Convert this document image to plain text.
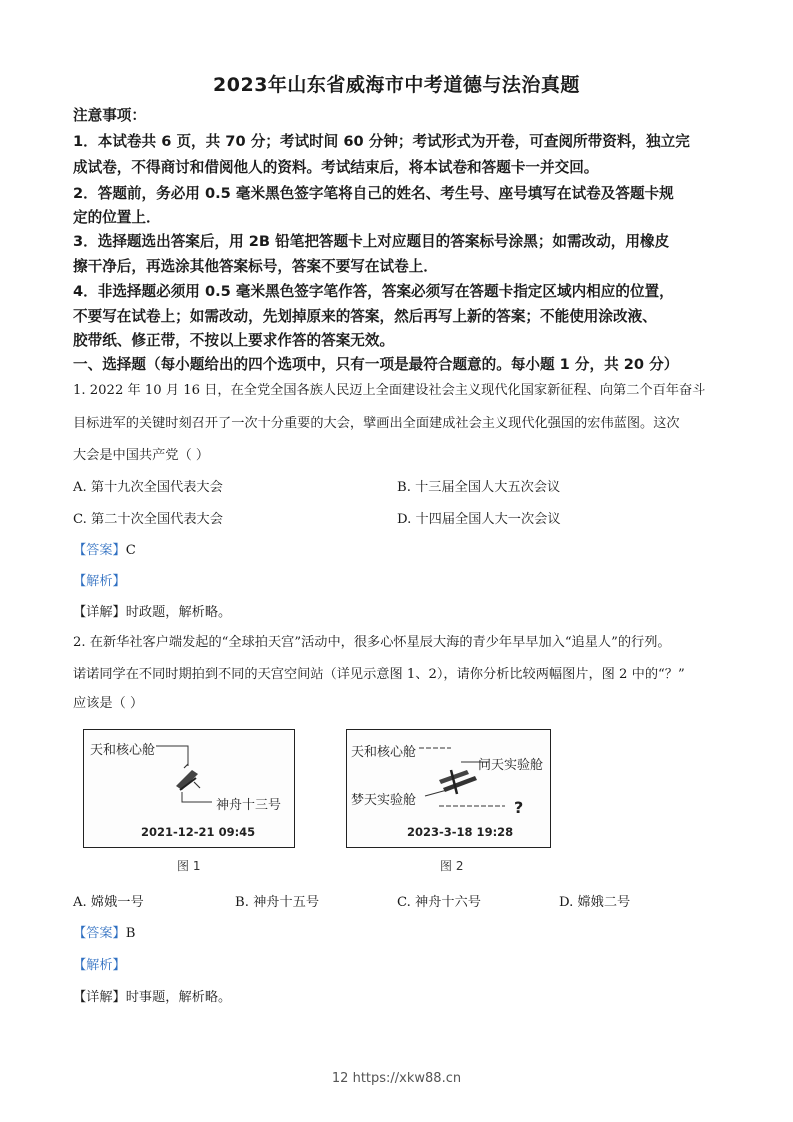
2023年山东省威海市中考道德与法治真题
注意事项：
1．本试卷共 6 页，共 70 分；考试时间 60 分钟；考试形式为开卷，可查阅所带资料，独立完
成试卷，不得商讨和借阅他人的资料。考试结束后，将本试卷和答题卡一并交回。
2．答题前，务必用 0.5 毫米黑色签字笔将自己的姓名、考生号、座号填写在试卷及答题卡规
定的位置上．
3．选择题选出答案后，用 2B 铅笔把答题卡上对应题目的答案标号涂黑；如需改动，用橡皮
擦干净后，再选涂其他答案标号，答案不要写在试卷上．
4．非选择题必须用 0.5 毫米黑色签字笔作答，答案必须写在答题卡指定区域内相应的位置，
不要写在试卷上；如需改动，先划掉原来的答案，然后再写上新的答案；不能使用涂改液、
胶带纸、修正带，不按以上要求作答的答案无效。
一、选择题（每小题给出的四个选项中，只有一项是最符合题意的。每小题 1 分，共 20 分）
1. 2022 年 10 月 16 日，在全党全国各族人民迈上全面建设社会主义现代化国家新征程、向第二个百年奋斗
目标进军的关键时刻召开了一次十分重要的大会，擘画出全面建成社会主义现代化强国的宏伟蓝图。这次
大会是中国共产党（ ）
A. 第十九次全国代表大会	B. 十三届全国人大五次会议
C. 第二十次全国代表大会	D. 十四届全国人大一次会议
【答案】C
【解析】
【详解】时政题，解析略。
2. 在新华社客户端发起的“全球拍天宫”活动中，很多心怀星辰大海的青少年早早加入“追星人”的行列。
诺诺同学在不同时期拍到不同的天宫空间站（详见示意图 1、2），请你分析比较两幅图片，图 2 中的“？”
应该是（ ）
天和核心舱
神舟十三号
2021-12-21 09:45
图 1
天和核心舱
问天实验舱
梦天实验舱	?
2023-3-18 19:28
图 2
A. 嫦娥一号	B. 神舟十五号	C. 神舟十六号	D. 嫦娥二号
【答案】B
【解析】
【详解】时事题，解析略。
12 https://xkw88.cn
